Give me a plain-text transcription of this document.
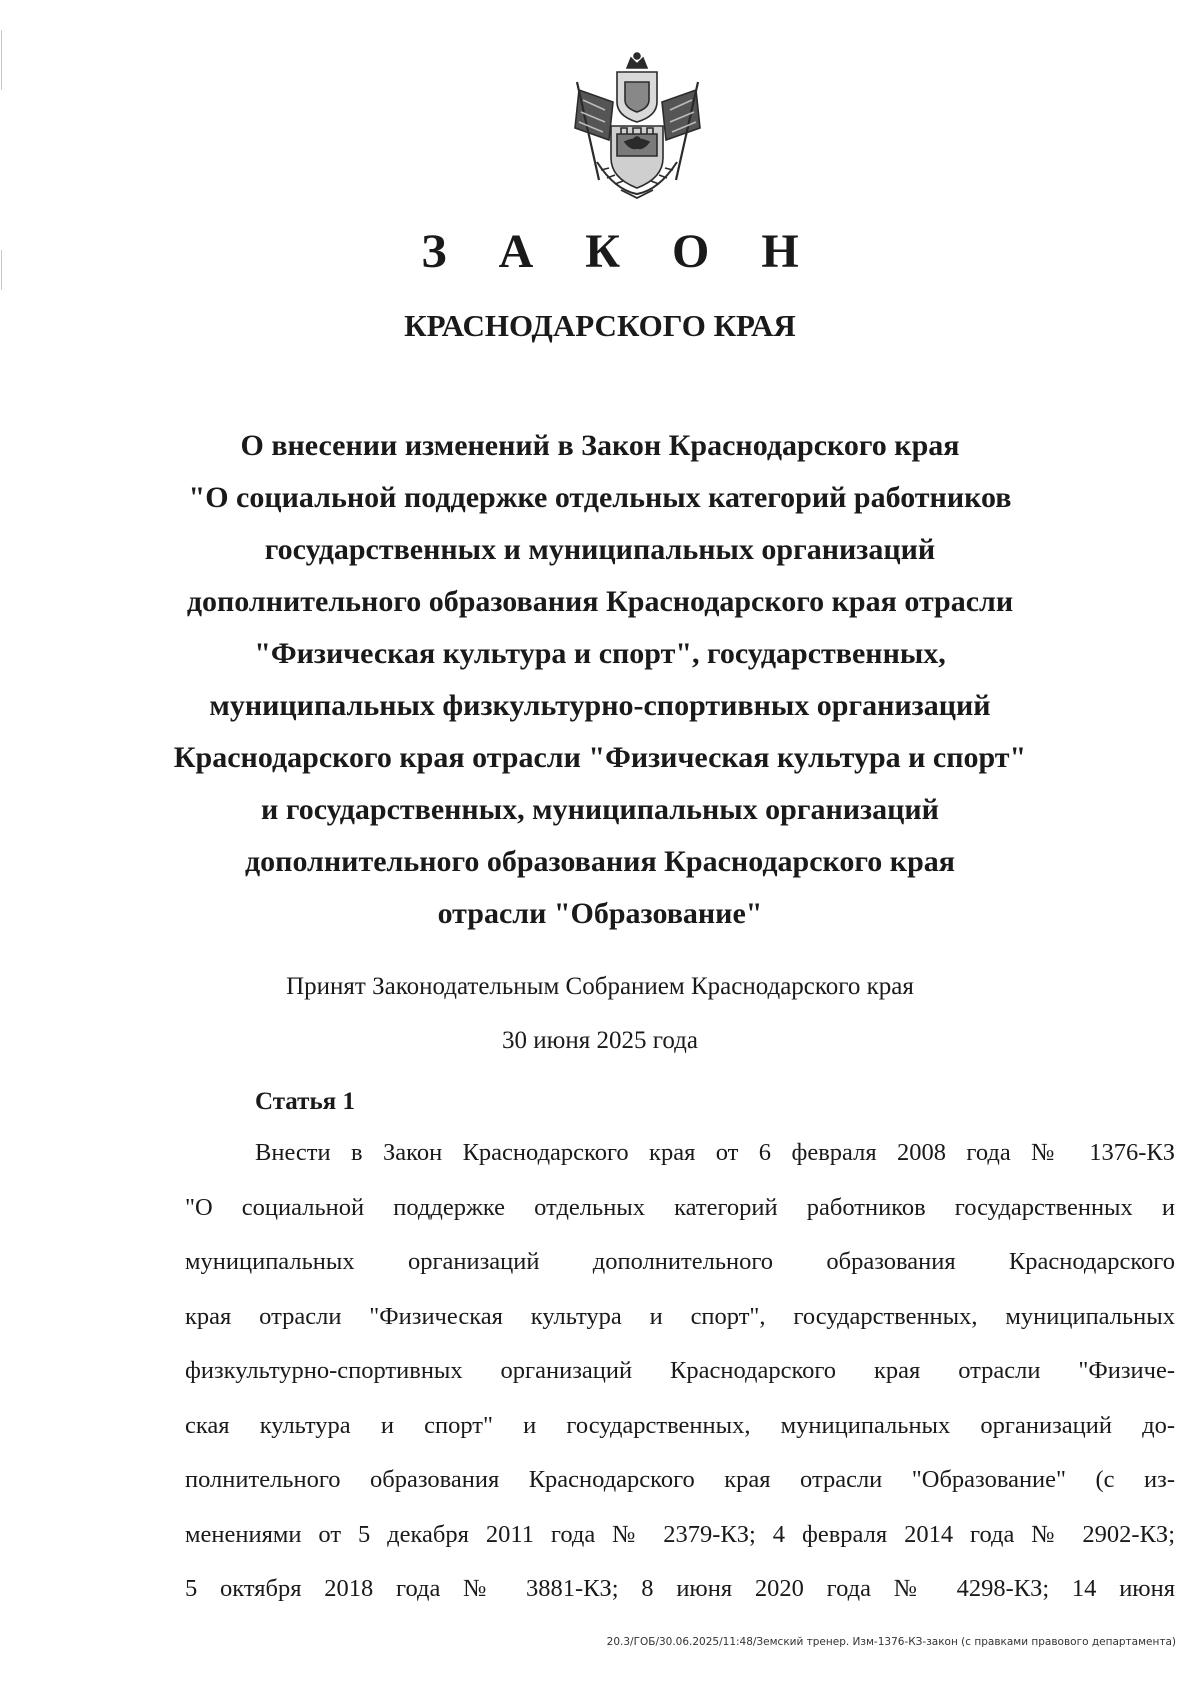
З А К О Н
КРАСНОДАРСКОГО КРАЯ
О внесении изменений в Закон Краснодарского края
"О социальной поддержке отдельных категорий работников
государственных и муниципальных организаций
дополнительного образования Краснодарского края отрасли
"Физическая культура и спорт", государственных,
муниципальных физкультурно-спортивных организаций
Краснодарского края отрасли "Физическая культура и спорт"
и государственных, муниципальных организаций
дополнительного образования Краснодарского края
отрасли "Образование"
Принят Законодательным Собранием Краснодарского края
30 июня 2025 года
Статья 1
Внести в Закон Краснодарского края от 6 февраля 2008 года № 1376-КЗ
"О социальной поддержке отдельных категорий работников государственных и
муниципальных организаций дополнительного образования Краснодарского
края отрасли "Физическая культура и спорт", государственных, муниципальных
физкультурно-спортивных организаций Краснодарского края отрасли "Физиче-
ская культура и спорт" и государственных, муниципальных организаций до-
полнительного образования Краснодарского края отрасли "Образование" (с из-
менениями от 5 декабря 2011 года № 2379-КЗ; 4 февраля 2014 года № 2902-КЗ;
5 октября 2018 года № 3881-КЗ; 8 июня 2020 года № 4298-КЗ; 14 июня
20.3/ГОБ/30.06.2025/11:48/Земский тренер. Изм-1376-КЗ-закон (с правками правового департамента)
